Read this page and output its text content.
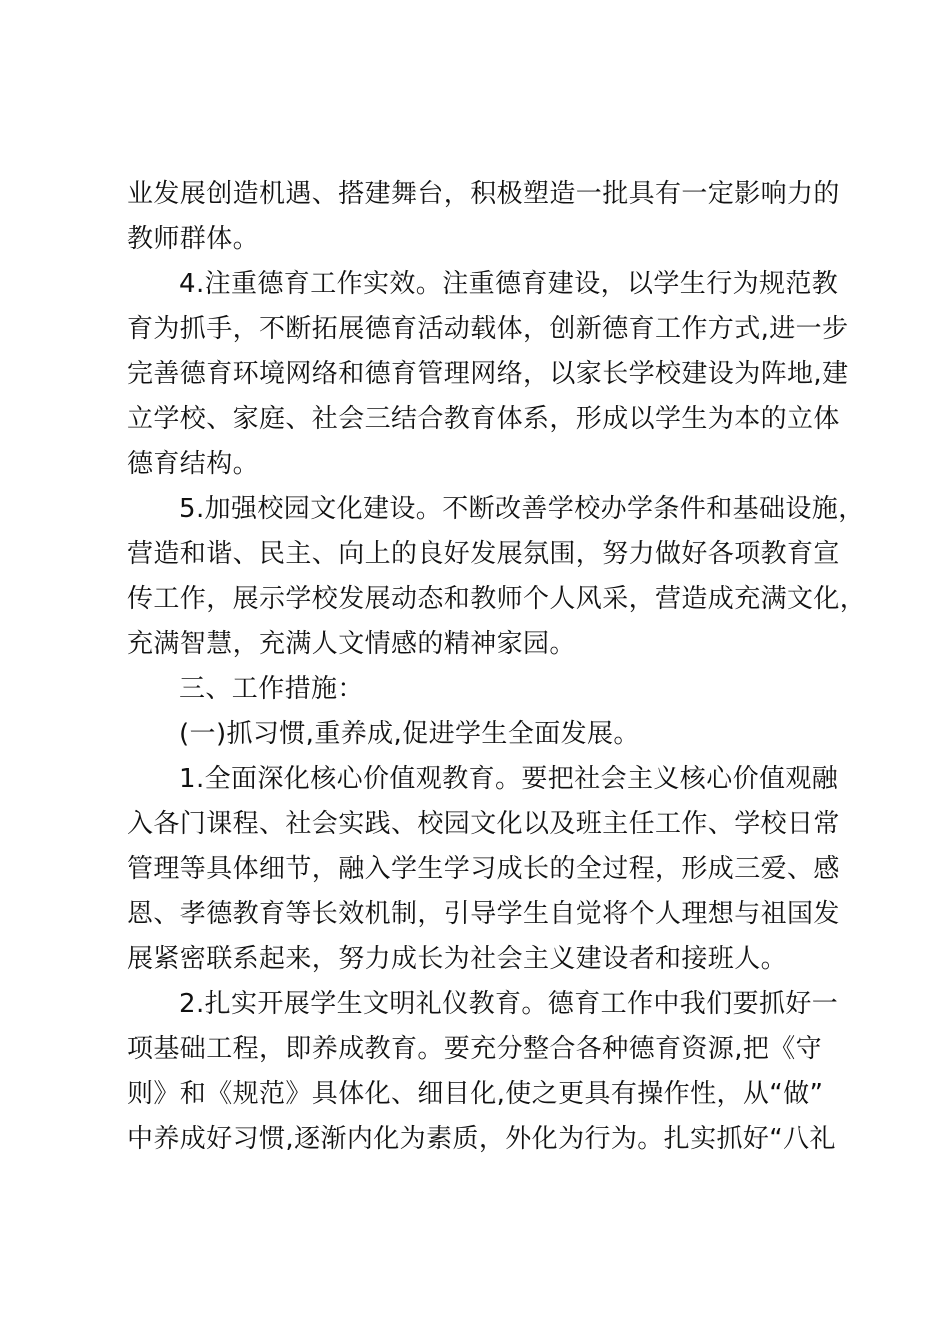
业发展创造机遇、搭建舞台，积极塑造一批具有一定影响力的
教师群体。
4.注重德育工作实效。注重德育建设，以学生行为规范教
育为抓手，不断拓展德育活动载体，创新德育工作方式,进一步
完善德育环境网络和德育管理网络，以家长学校建设为阵地,建
立学校、家庭、社会三结合教育体系，形成以学生为本的立体
德育结构。
5.加强校园文化建设。不断改善学校办学条件和基础设施，
营造和谐、民主、向上的良好发展氛围，努力做好各项教育宣
传工作，展示学校发展动态和教师个人风采，营造成充满文化，
充满智慧，充满人文情感的精神家园。
三、工作措施：
(一)抓习惯,重养成,促进学生全面发展。
1.全面深化核心价值观教育。要把社会主义核心价值观融
入各门课程、社会实践、校园文化以及班主任工作、学校日常
管理等具体细节，融入学生学习成长的全过程，形成三爱、感
恩、孝德教育等长效机制，引导学生自觉将个人理想与祖国发
展紧密联系起来，努力成长为社会主义建设者和接班人。
2.扎实开展学生文明礼仪教育。德育工作中我们要抓好一
项基础工程，即养成教育。要充分整合各种德育资源,把《守
则》和《规范》具体化、细目化,使之更具有操作性，从“做”
中养成好习惯,逐渐内化为素质，外化为行为。扎实抓好“八礼
